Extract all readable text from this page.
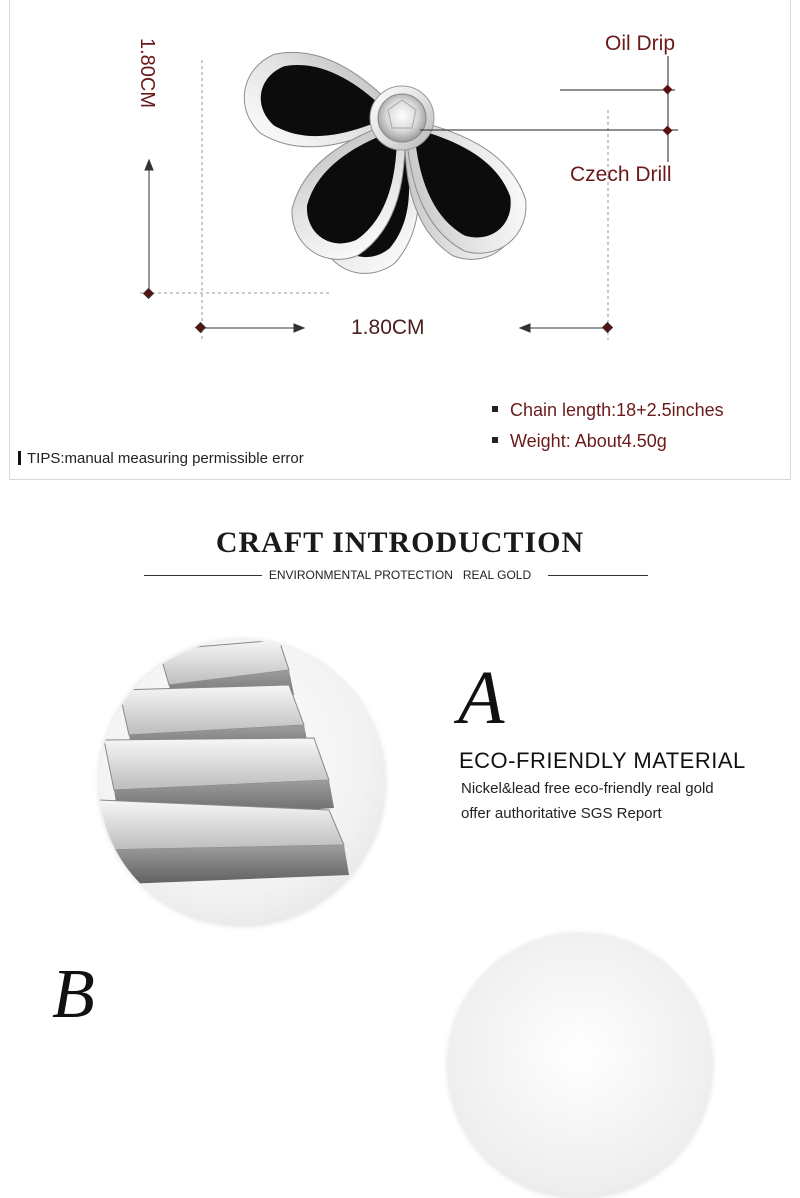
Oil Drip
Czech Drill
1.80CM
1.80CM
Chain length:18+2.5inches
Weight: About4.50g
TIPS:manual measuring permissible error
CRAFT INTRODUCTION
ENVIRONMENTAL PROTECTION   REAL GOLD
A
ECO-FRIENDLY MATERIAL
Nickel&lead free eco-friendly real gold
offer authoritative SGS Report
B
